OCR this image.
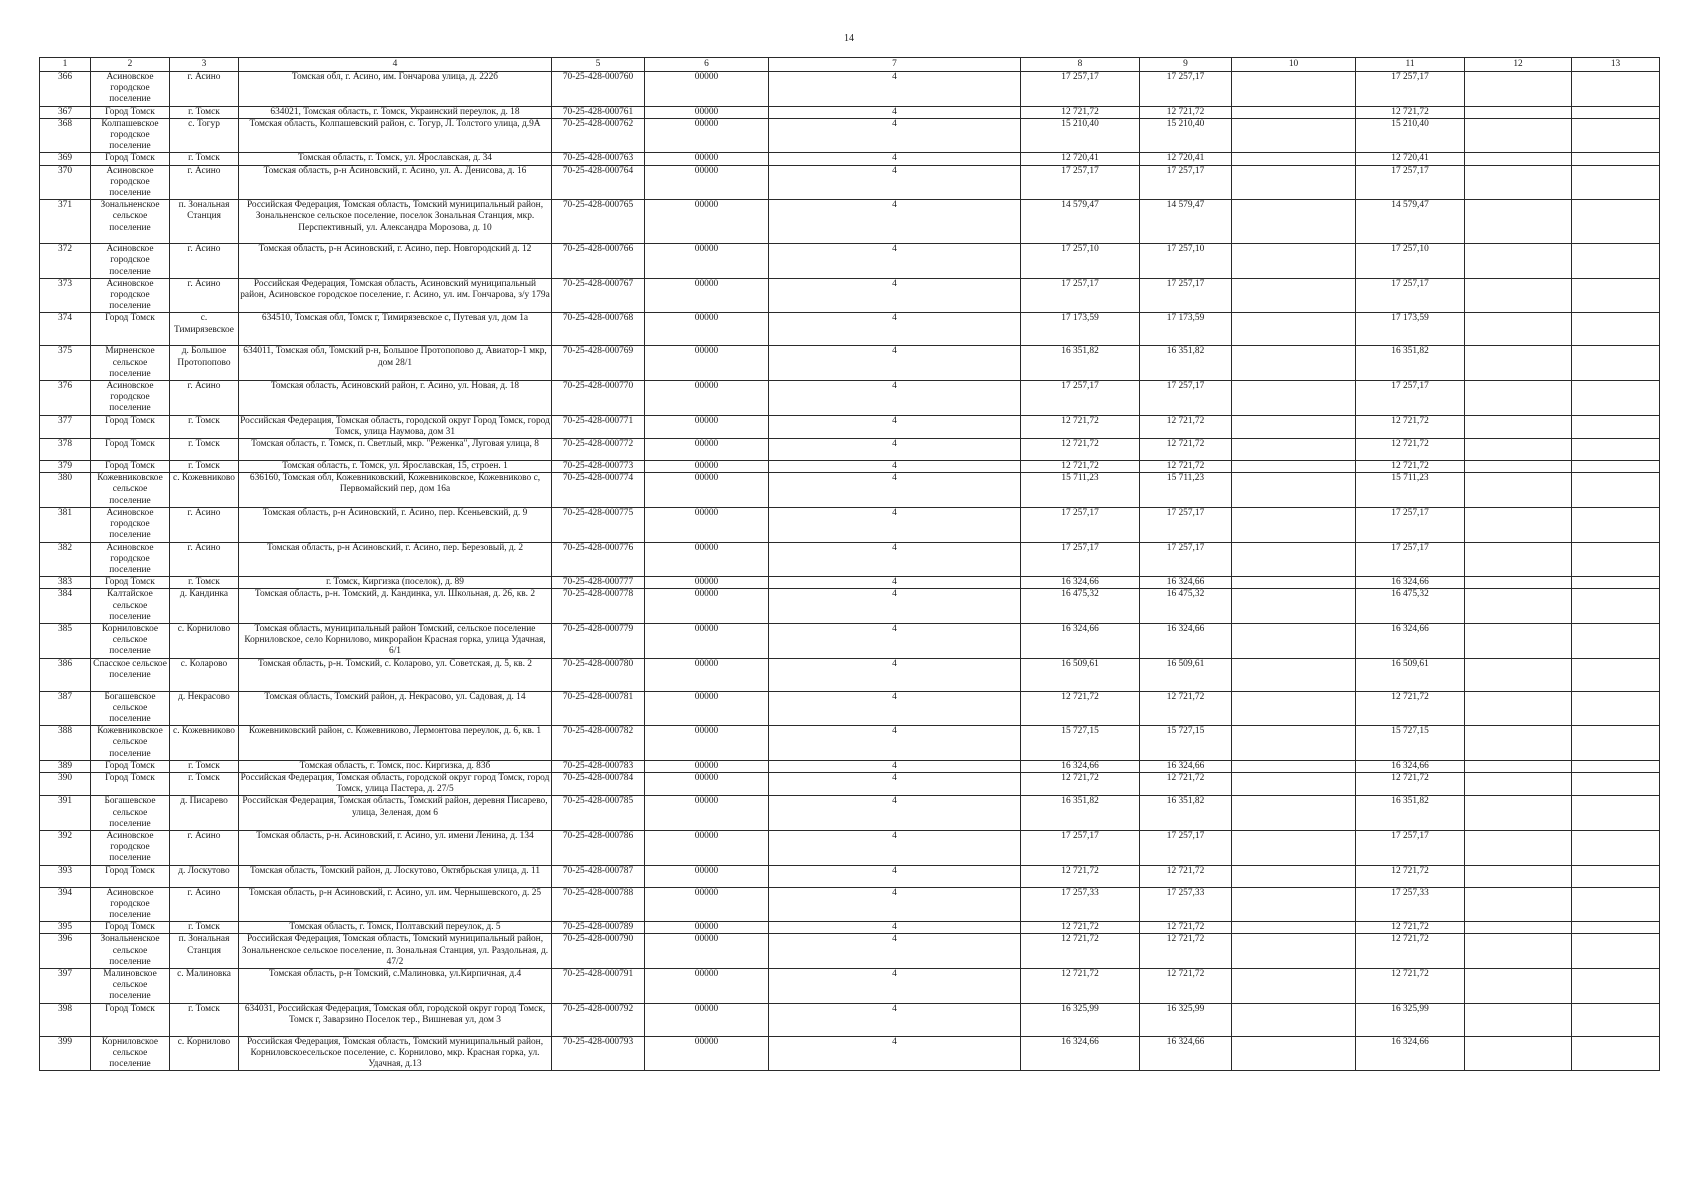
14
1	2	3	4	5	6	7	8	9	10	11	12	13
366	Асиновское городское поселение	г. Асино	Томская обл, г. Асино, им. Гончарова улица, д. 222б	70-25-428-000760	00000	4	17 257,17	17 257,17		17 257,17		
367	Город Томск	г. Томск	634021, Томская область, г. Томск, Украинский переулок, д. 18	70-25-428-000761	00000	4	12 721,72	12 721,72		12 721,72		
368	Колпашевское городское поселение	с. Тогур	Томская область, Колпашевский район, с. Тогур, Л. Толстого улица, д.9А	70-25-428-000762	00000	4	15 210,40	15 210,40		15 210,40		
369	Город Томск	г. Томск	Томская область, г. Томск, ул. Ярославская, д. 34	70-25-428-000763	00000	4	12 720,41	12 720,41		12 720,41		
370	Асиновское городское поселение	г. Асино	Томская область, р-н Асиновский, г. Асино, ул. А. Денисова, д. 16	70-25-428-000764	00000	4	17 257,17	17 257,17		17 257,17		
371	Зональненское сельское поселение	п. Зональная Станция	Российская Федерация, Томская область, Томский муниципальный район, Зональненское сельское поселение, поселок Зональная Станция, мкр. Перспективный, ул. Александра Морозова, д. 10	70-25-428-000765	00000	4	14 579,47	14 579,47		14 579,47		
372	Асиновское городское поселение	г. Асино	Томская область, р-н Асиновский, г. Асино, пер. Новгородский д. 12	70-25-428-000766	00000	4	17 257,10	17 257,10		17 257,10		
373	Асиновское городское поселение	г. Асино	Российская Федерация, Томская область, Асиновский муниципальный район, Асиновское городское поселение, г. Асино, ул. им. Гончарова, з/у 179а	70-25-428-000767	00000	4	17 257,17	17 257,17		17 257,17		
374	Город Томск	с. Тимирязевское	634510, Томская обл, Томск г, Тимирязевское с, Путевая ул, дом 1а	70-25-428-000768	00000	4	17 173,59	17 173,59		17 173,59		
375	Мирненское сельское поселение	д. Большое Протопопово	634011, Томская обл, Томский р-н, Большое Протопопово д, Авиатор-1 мкр, дом 28/1	70-25-428-000769	00000	4	16 351,82	16 351,82		16 351,82		
376	Асиновское городское поселение	г. Асино	Томская область, Асиновский район, г. Асино, ул. Новая, д. 18	70-25-428-000770	00000	4	17 257,17	17 257,17		17 257,17		
377	Город Томск	г. Томск	Российская Федерация, Томская область, городской округ Город Томск, город Томск, улица Наумова, дом 31	70-25-428-000771	00000	4	12 721,72	12 721,72		12 721,72		
378	Город Томск	г. Томск	Томская область, г. Томск, п. Светлый, мкр. "Реженка", Луговая улица, 8	70-25-428-000772	00000	4	12 721,72	12 721,72		12 721,72		
379	Город Томск	г. Томск	Томская область, г. Томск, ул. Ярославская, 15, строен. 1	70-25-428-000773	00000	4	12 721,72	12 721,72		12 721,72		
380	Кожевниковское сельское поселение	с. Кожевниково	636160, Томская обл, Кожевниковский, Кожевниковское, Кожевниково с, Первомайский пер, дом 16а	70-25-428-000774	00000	4	15 711,23	15 711,23		15 711,23		
381	Асиновское городское поселение	г. Асино	Томская область, р-н Асиновский, г. Асино, пер. Ксеньевский, д. 9	70-25-428-000775	00000	4	17 257,17	17 257,17		17 257,17		
382	Асиновское городское поселение	г. Асино	Томская область, р-н Асиновский, г. Асино, пер. Березовый, д. 2	70-25-428-000776	00000	4	17 257,17	17 257,17		17 257,17		
383	Город Томск	г. Томск	г. Томск, Киргизка (поселок), д. 89	70-25-428-000777	00000	4	16 324,66	16 324,66		16 324,66		
384	Калтайское сельское поселение	д. Кандинка	Томская область, р-н. Томский, д. Кандинка, ул. Школьная, д. 26, кв. 2	70-25-428-000778	00000	4	16 475,32	16 475,32		16 475,32		
385	Корниловское сельское поселение	с. Корнилово	Томская область, муниципальный район Томский, сельское поселение Корниловское, село Корнилово, микрорайон Красная горка, улица Удачная, 6/1	70-25-428-000779	00000	4	16 324,66	16 324,66		16 324,66		
386	Спасское сельское поселение	с. Коларово	Томская область, р-н. Томский, с. Коларово, ул. Советская, д. 5, кв. 2	70-25-428-000780	00000	4	16 509,61	16 509,61		16 509,61		
387	Богашевское сельское поселение	д. Некрасово	Томская область, Томский район, д. Некрасово, ул. Садовая, д. 14	70-25-428-000781	00000	4	12 721,72	12 721,72		12 721,72		
388	Кожевниковское сельское поселение	с. Кожевниково	Кожевниковский район, с. Кожевниково, Лермонтова переулок, д. 6, кв. 1	70-25-428-000782	00000	4	15 727,15	15 727,15		15 727,15		
389	Город Томск	г. Томск	Томская область, г. Томск, пос. Киргизка, д. 83б	70-25-428-000783	00000	4	16 324,66	16 324,66		16 324,66		
390	Город Томск	г. Томск	Российская Федерация, Томская область, городской округ город Томск, город Томск, улица Пастера, д. 27/5	70-25-428-000784	00000	4	12 721,72	12 721,72		12 721,72		
391	Богашевское сельское поселение	д. Писарево	Российская Федерация, Томская область, Томский район, деревня Писарево, улица, Зеленая, дом 6	70-25-428-000785	00000	4	16 351,82	16 351,82		16 351,82		
392	Асиновское городское поселение	г. Асино	Томская область, р-н. Асиновский, г. Асино, ул. имени Ленина, д. 134	70-25-428-000786	00000	4	17 257,17	17 257,17		17 257,17		
393	Город Томск	д. Лоскутово	Томская область, Томский район, д. Лоскутово, Октябрьская улица, д. 11	70-25-428-000787	00000	4	12 721,72	12 721,72		12 721,72		
394	Асиновское городское поселение	г. Асино	Томская область, р-н Асиновский, г. Асино, ул. им. Чернышевского, д. 25	70-25-428-000788	00000	4	17 257,33	17 257,33		17 257,33		
395	Город Томск	г. Томск	Томская область, г. Томск, Полтавский переулок, д. 5	70-25-428-000789	00000	4	12 721,72	12 721,72		12 721,72		
396	Зональненское сельское поселение	п. Зональная Станция	Российская Федерация, Томская область, Томский муниципальный район, Зональненское сельское поселение, п. Зональная Станция, ул. Раздольная, д. 47/2	70-25-428-000790	00000	4	12 721,72	12 721,72		12 721,72		
397	Малиновское сельское поселение	с. Малиновка	Томская область, р-н Томский, с.Малиновка, ул.Кирпичная, д.4	70-25-428-000791	00000	4	12 721,72	12 721,72		12 721,72		
398	Город Томск	г. Томск	634031, Российская Федерация, Томская обл, городской округ город Томск, Томск г, Заварзино Поселок тер., Вишневая ул, дом 3	70-25-428-000792	00000	4	16 325,99	16 325,99		16 325,99		
399	Корниловское сельское поселение	с. Корнилово	Российская Федерация, Томская область, Томский муниципальный район, Корниловскоесельское поселение, с. Корнилово, мкр. Красная горка, ул. Удачная, д.13	70-25-428-000793	00000	4	16 324,66	16 324,66		16 324,66		
